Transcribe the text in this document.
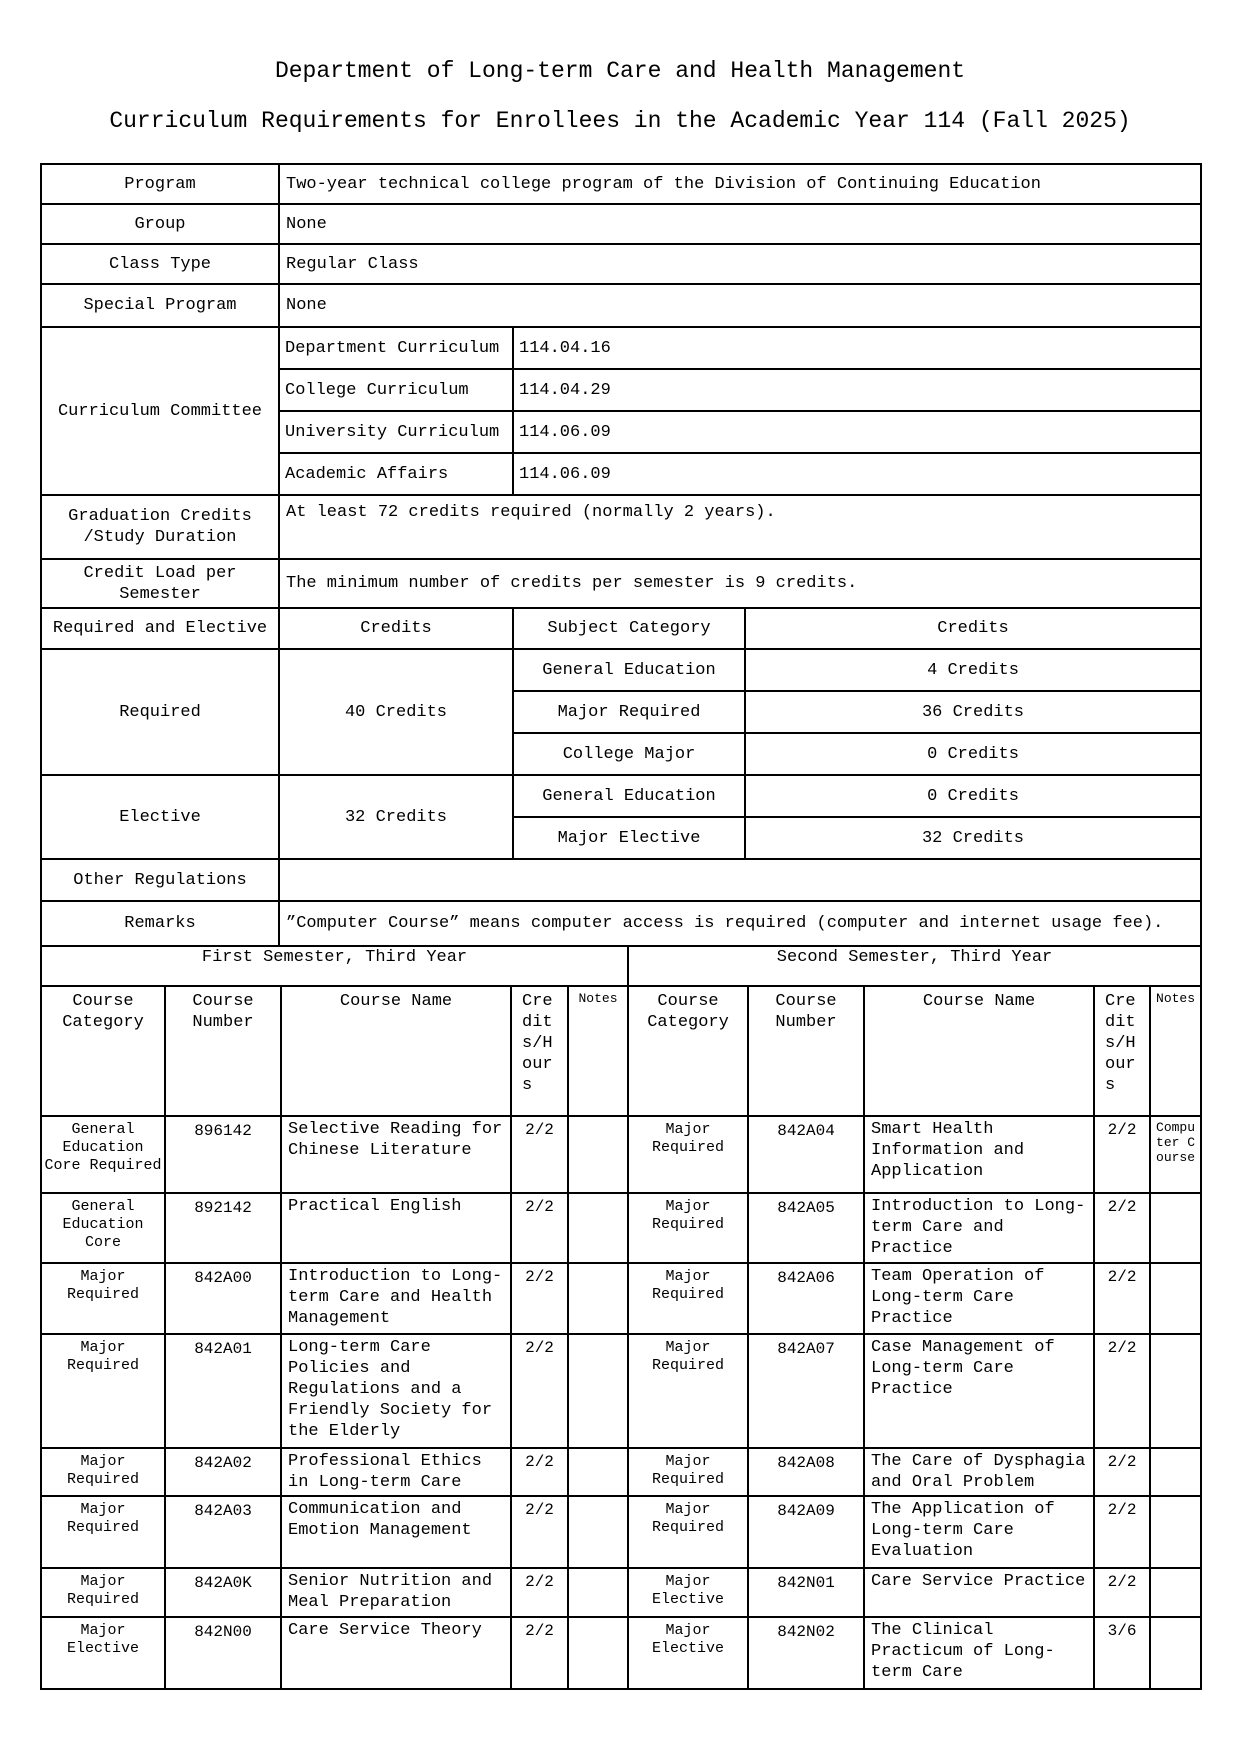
Department of Long-term Care and Health Management
Curriculum Requirements for Enrollees in the Academic Year 114 (Fall 2025)
Program	Two-year technical college program of the Division of Continuing Education		
Group	None		
Class Type	Regular Class		
Special Program	None		
Curriculum Committee	Department Curriculum	114.04.16	
	College Curriculum	114.04.29	
	University Curriculum	114.06.09	
	Academic Affairs	114.06.09	
Graduation Credits /Study Duration	At least 72 credits required (normally 2 years).		
Credit Load per Semester	The minimum number of credits per semester is 9 credits.		
Required and Elective	Credits	Subject Category	Credits
Required	40 Credits	General Education	4 Credits
		Major Required	36 Credits
		College Major	0 Credits
Elective	32 Credits	General Education	0 Credits
		Major Elective	32 Credits
Other Regulations			
Remarks	”Computer Course” means computer access is required (computer and internet usage fee).		
First Semester, Third Year					Second Semester, Third Year				
Course Category	Course Number	Course Name	Credits/Hours	Notes	Course Category	Course Number	Course Name	Credits/Hours	Notes
General Education Core Required	896142	Selective Reading for Chinese Literature	2/2		Major Required	842A04	Smart Health Information and Application	2/2	Computer Course
General Education Core	892142	Practical English	2/2		Major Required	842A05	Introduction to Long-term Care and Practice	2/2	
Major Required	842A00	Introduction to Long-term Care and Health Management	2/2		Major Required	842A06	Team Operation of Long-term Care Practice	2/2	
Major Required	842A01	Long-term Care Policies and Regulations and a Friendly Society for the Elderly	2/2		Major Required	842A07	Case Management of Long-term Care Practice	2/2	
Major Required	842A02	Professional Ethics in Long-term Care	2/2		Major Required	842A08	The Care of Dysphagia and Oral Problem	2/2	
Major Required	842A03	Communication and Emotion Management	2/2		Major Required	842A09	The Application of Long-term Care Evaluation	2/2	
Major Required	842A0K	Senior Nutrition and Meal Preparation	2/2		Major Elective	842N01	Care Service Practice	2/2	
Major Elective	842N00	Care Service Theory	2/2		Major Elective	842N02	The Clinical Practicum of Long-term Care	3/6	
